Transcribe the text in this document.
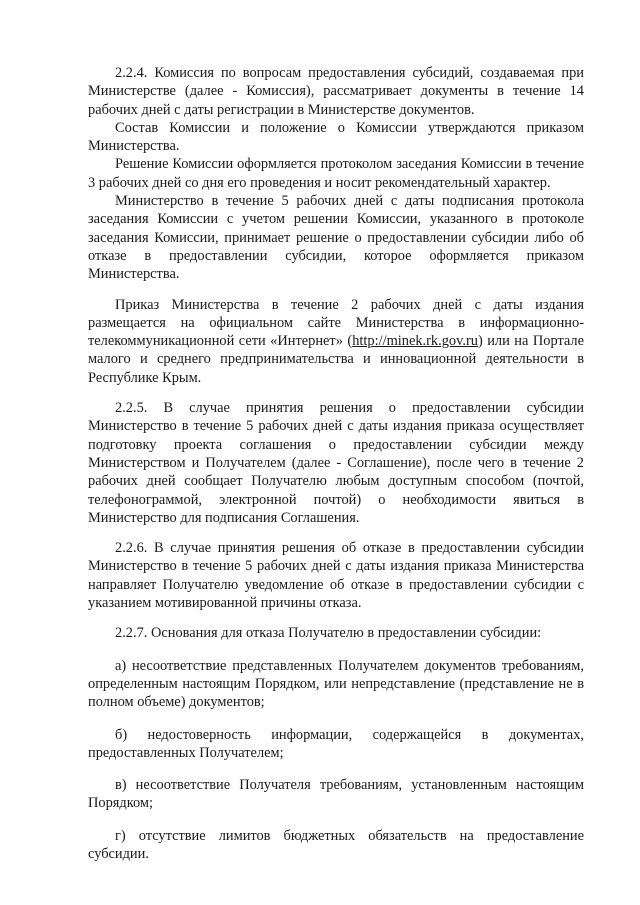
2.2.4. Комиссия по вопросам предоставления субсидий, создаваемая при Министерстве (далее - Комиссия), рассматривает документы в течение 14 рабочих дней с даты регистрации в Министерстве документов.

Состав Комиссии и положение о Комиссии утверждаются приказом Министерства.

Решение Комиссии оформляется протоколом заседания Комиссии в течение 3 рабочих дней со дня его проведения и носит рекомендательный характер.

Министерство в течение 5 рабочих дней с даты подписания протокола заседания Комиссии с учетом решении Комиссии, указанного в протоколе заседания Комиссии, принимает решение о предоставлении субсидии либо об отказе в предоставлении субсидии, которое оформляется приказом Министерства.

Приказ Министерства в течение 2 рабочих дней с даты издания размещается на официальном сайте Министерства в информационно-телекоммуникационной сети «Интернет» (http://minek.rk.gov.ru) или на Портале малого и среднего предпринимательства и инновационной деятельности в Республике Крым.

2.2.5. В случае принятия решения о предоставлении субсидии Министерство в течение 5 рабочих дней с даты издания приказа осуществляет подготовку проекта соглашения о предоставлении субсидии между Министерством и Получателем (далее - Соглашение), после чего в течение 2 рабочих дней сообщает Получателю любым доступным способом (почтой, телефонограммой, электронной почтой) о необходимости явиться в Министерство для подписания Соглашения.

2.2.6. В случае принятия решения об отказе в предоставлении субсидии Министерство в течение 5 рабочих дней с даты издания приказа Министерства направляет Получателю уведомление об отказе в предоставлении субсидии с указанием мотивированной причины отказа.

2.2.7. Основания для отказа Получателю в предоставлении субсидии:

а) несоответствие представленных Получателем документов требованиям, определенным настоящим Порядком, или непредставление (представление не в полном объеме) документов;

б) недостоверность информации, содержащейся в документах, предоставленных Получателем;

в) несоответствие Получателя требованиям, установленным настоящим Порядком;

г) отсутствие лимитов бюджетных обязательств на предоставление субсидии.
